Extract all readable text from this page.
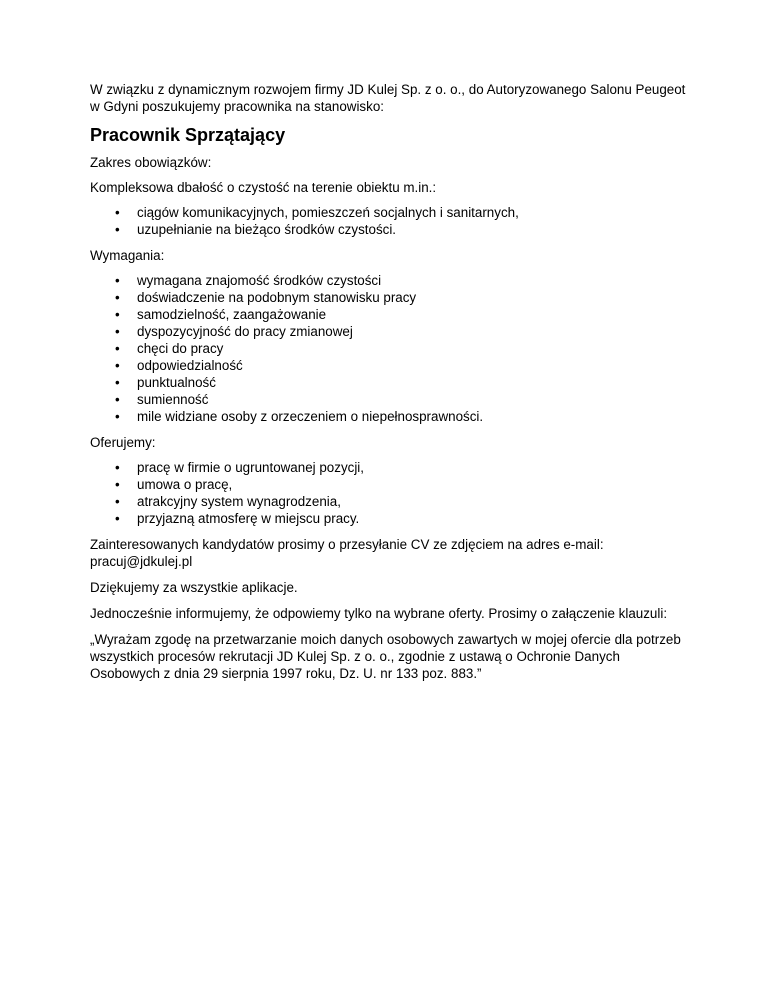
W związku z dynamicznym rozwojem firmy JD Kulej Sp. z o. o., do Autoryzowanego Salonu Peugeot w Gdyni poszukujemy pracownika na stanowisko:

Pracownik Sprzątający

Zakres obowiązków:

Kompleksowa dbałość o czystość na terenie obiektu m.in.:

• ciągów komunikacyjnych, pomieszczeń socjalnych i sanitarnych,
• uzupełnianie na bieżąco środków czystości.

Wymagania:

• wymagana znajomość środków czystości
• doświadczenie na podobnym stanowisku pracy
• samodzielność, zaangażowanie
• dyspozycyjność do pracy zmianowej
• chęci do pracy
• odpowiedzialność
• punktualność
• sumienność
• mile widziane osoby z orzeczeniem o niepełnosprawności.

Oferujemy:

• pracę w firmie o ugruntowanej pozycji,
• umowa o pracę,
• atrakcyjny system wynagrodzenia,
• przyjazną atmosferę w miejscu pracy.

Zainteresowanych kandydatów prosimy o przesyłanie CV ze zdjęciem na adres e-mail: pracuj@jdkulej.pl

Dziękujemy za wszystkie aplikacje.

Jednocześnie informujemy, że odpowiemy tylko na wybrane oferty. Prosimy o załączenie klauzuli:

„Wyrażam zgodę na przetwarzanie moich danych osobowych zawartych w mojej ofercie dla potrzeb wszystkich procesów rekrutacji JD Kulej Sp. z o. o., zgodnie z ustawą o Ochronie Danych Osobowych z dnia 29 sierpnia 1997 roku, Dz. U. nr 133 poz. 883.”
